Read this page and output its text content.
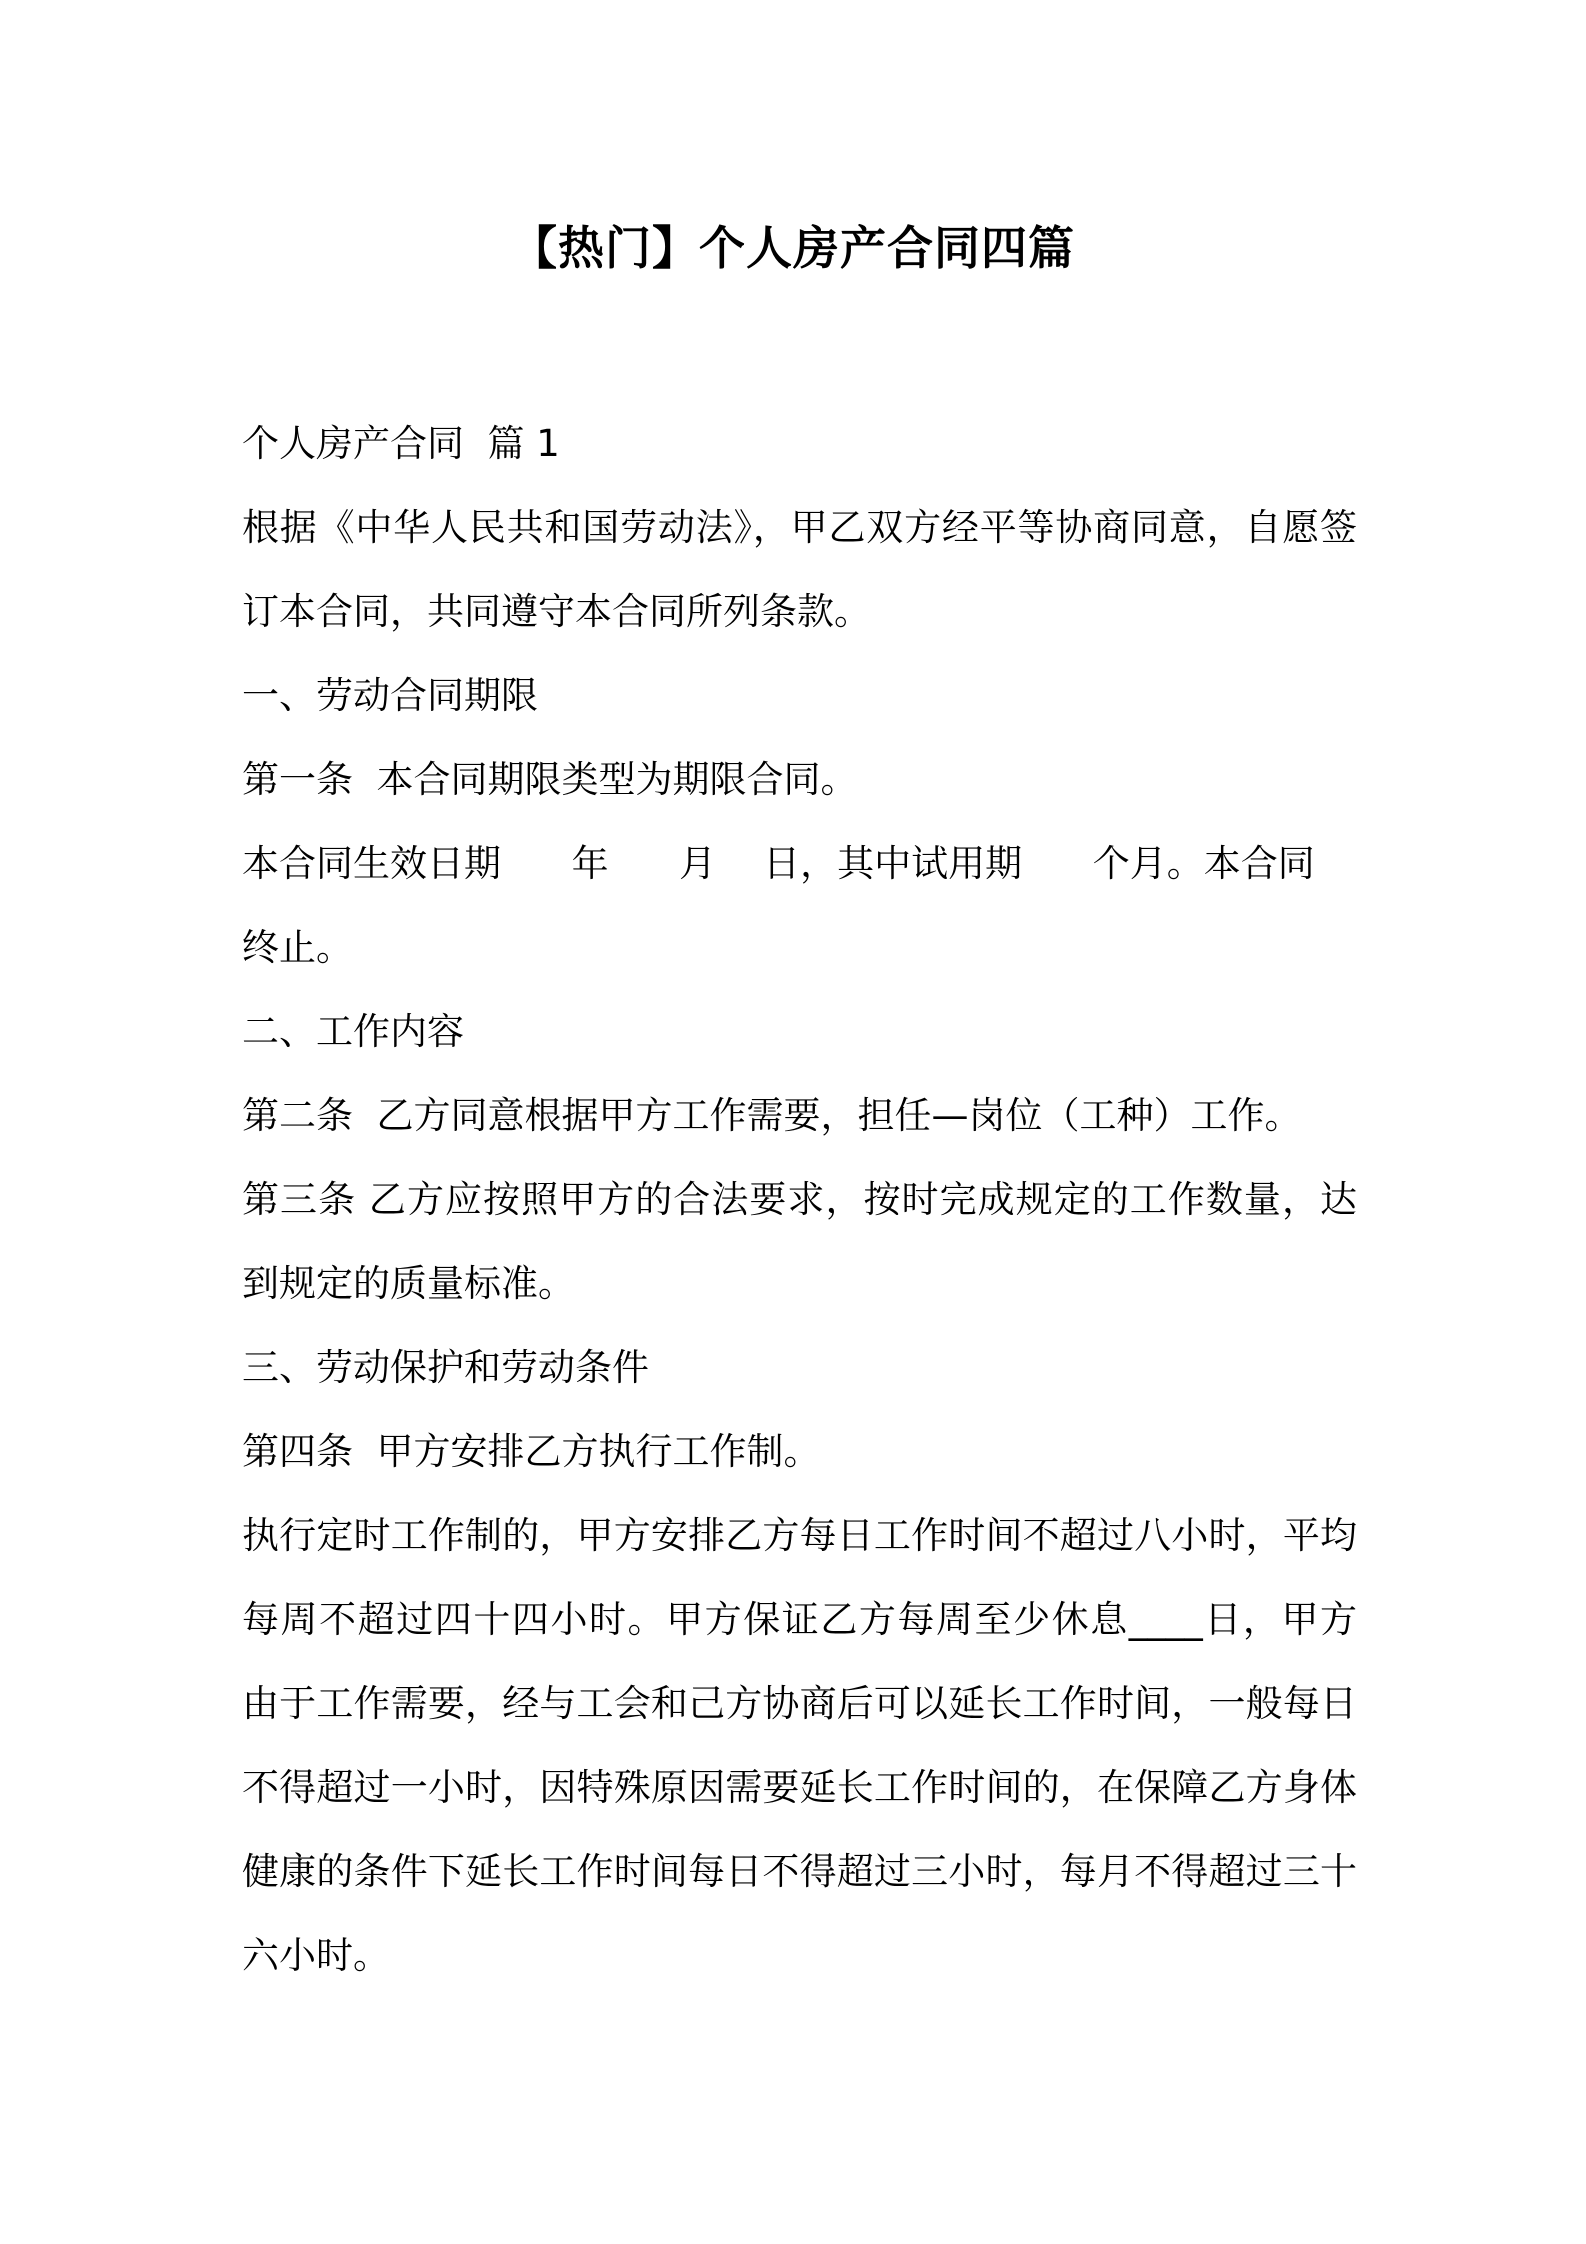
【热门】个人房产合同四篇
个人房产合同  篇 1
根据《中华人民共和国劳动法》，甲乙双方经平等协商同意，自愿签
订本合同，共同遵守本合同所列条款。
一、劳动合同期限
第一条  本合同期限类型为期限合同。
本合同生效日期      年      月    日，其中试用期      个月。本合同
终止。
二、工作内容
第二条  乙方同意根据甲方工作需要，担任—岗位（工种）工作。
第三条 乙方应按照甲方的合法要求，按时完成规定的工作数量，达
到规定的质量标准。
三、劳动保护和劳动条件
第四条  甲方安排乙方执行工作制。
执行定时工作制的，甲方安排乙方每日工作时间不超过八小时，平均
每周不超过四十四小时。甲方保证乙方每周至少休息____日，甲方
由于工作需要，经与工会和己方协商后可以延长工作时间，一般每日
不得超过一小时，因特殊原因需要延长工作时间的，在保障乙方身体
健康的条件下延长工作时间每日不得超过三小时，每月不得超过三十
六小时。
